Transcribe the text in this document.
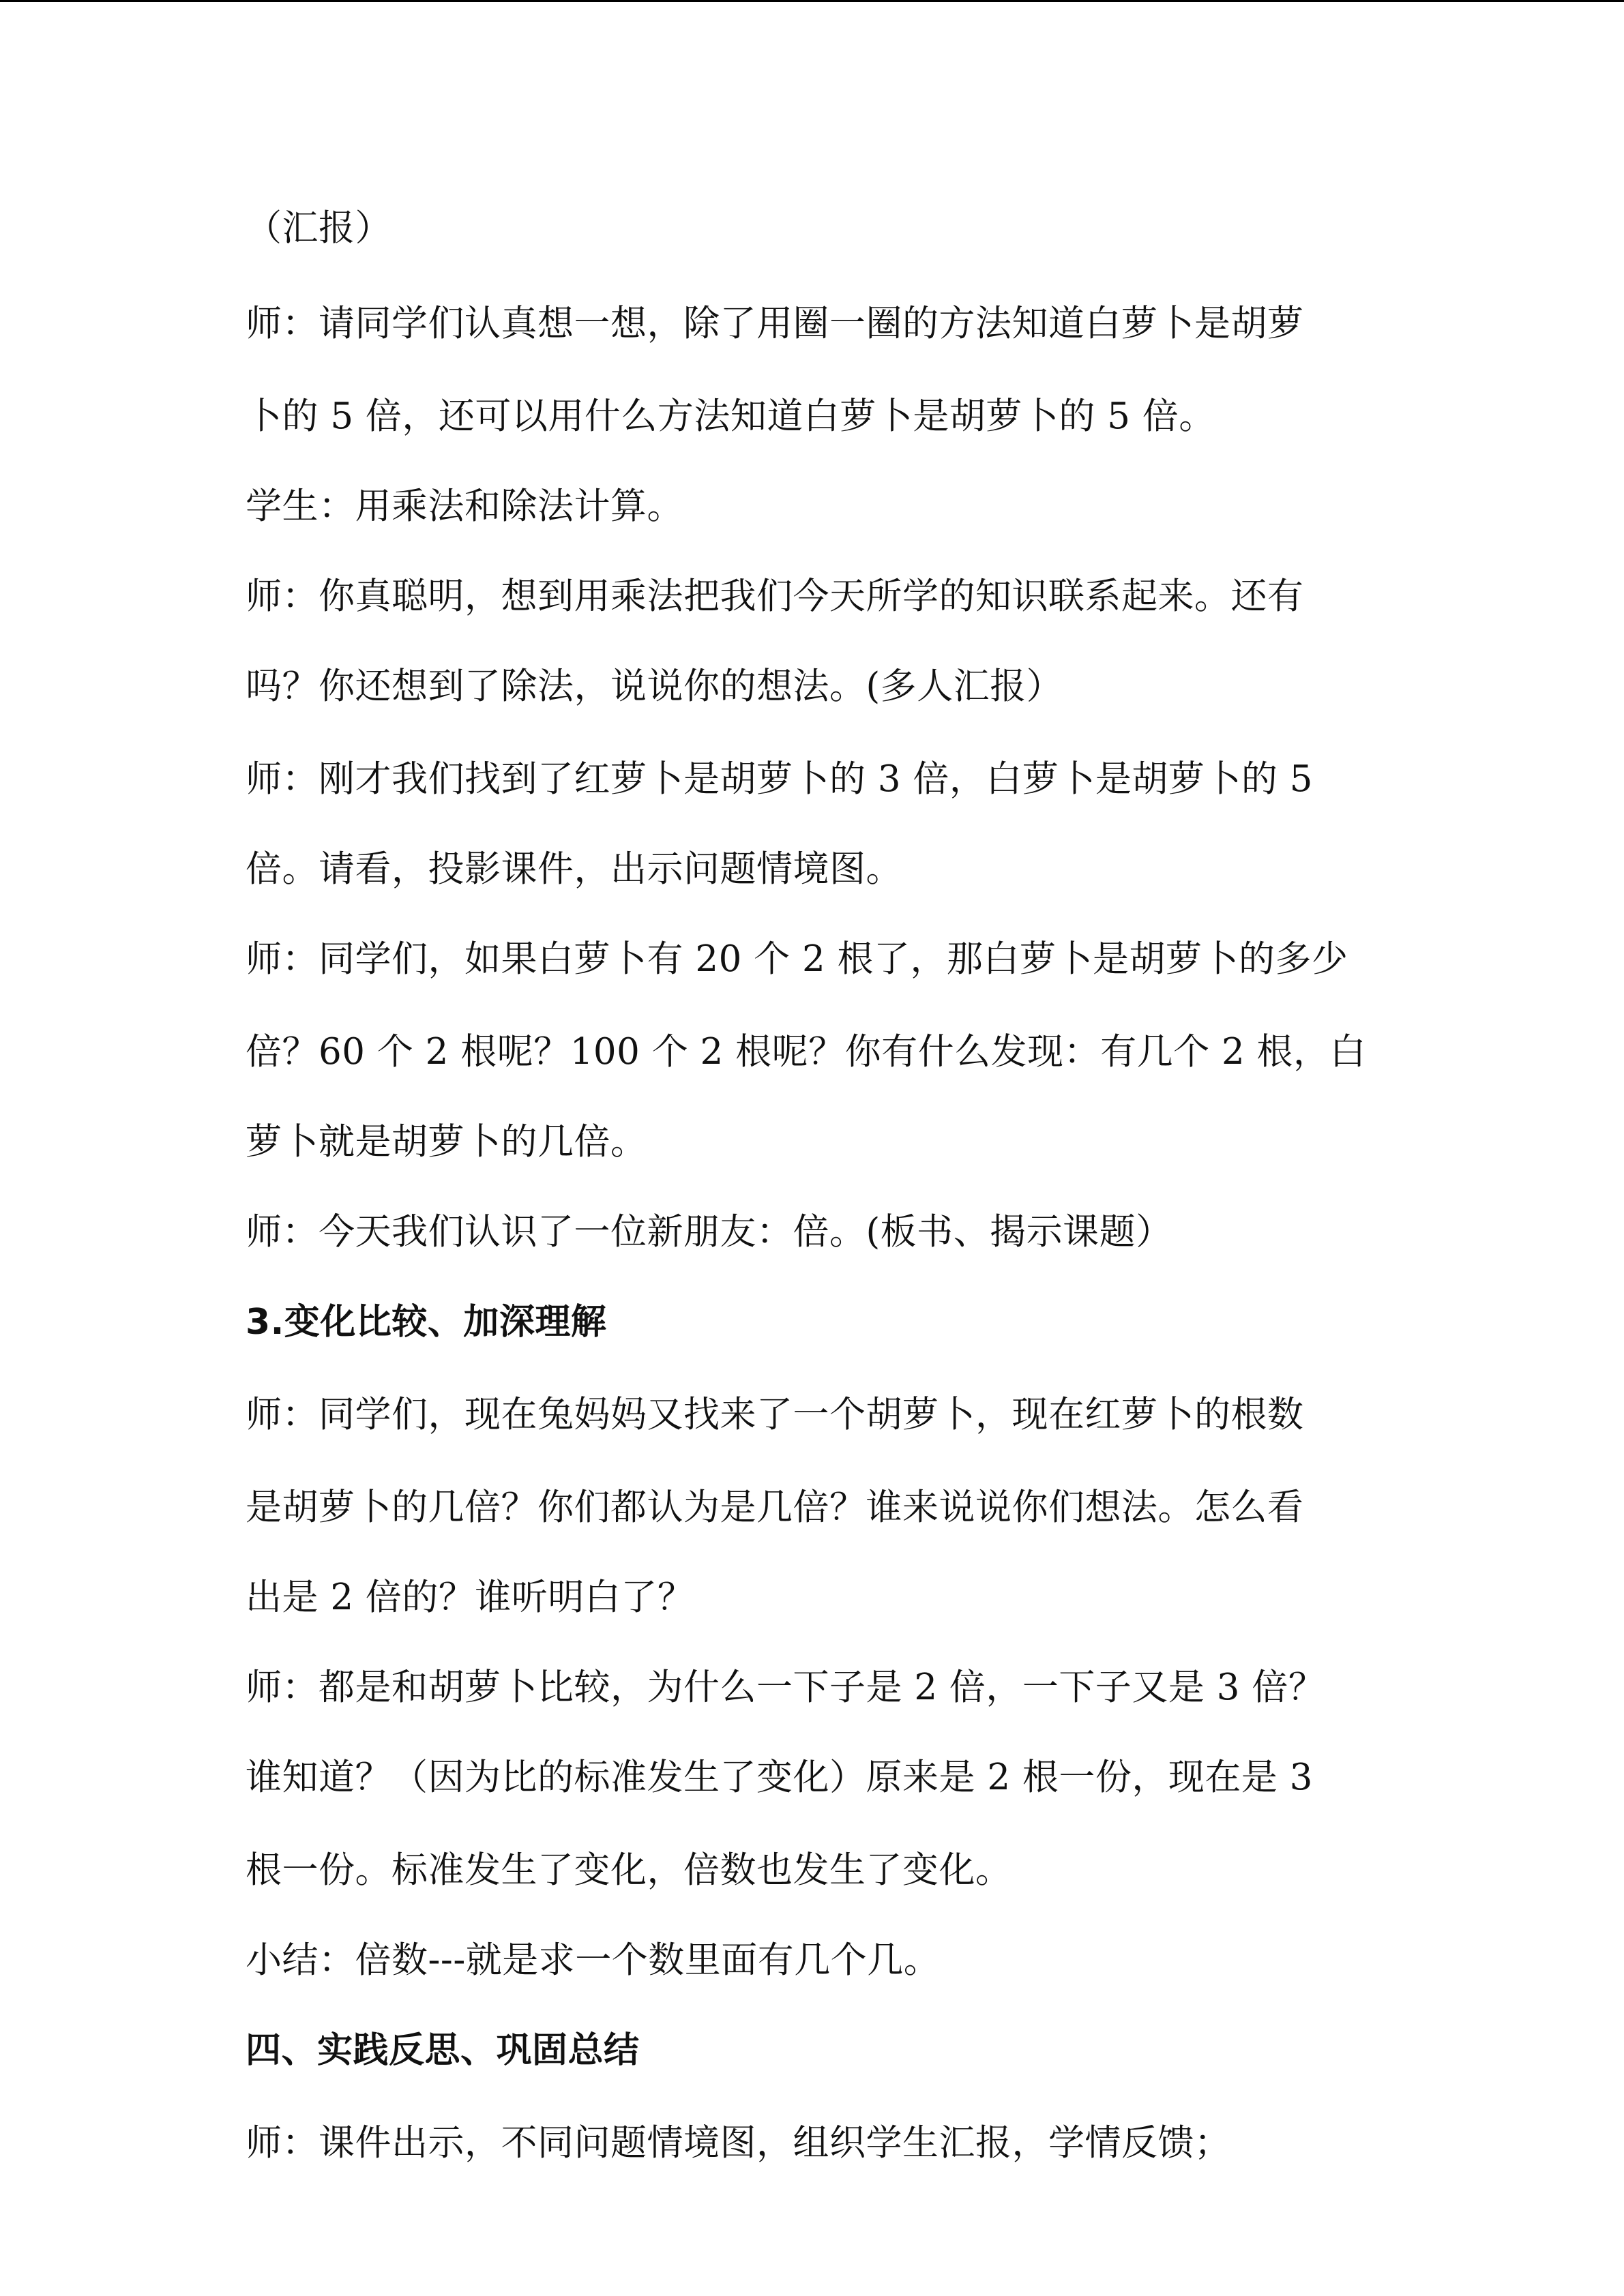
（汇报）
师：请同学们认真想一想，除了用圈一圈的方法知道白萝卜是胡萝
卜的 5 倍，还可以用什么方法知道白萝卜是胡萝卜的 5 倍。
学生：用乘法和除法计算。
师：你真聪明，想到用乘法把我们今天所学的知识联系起来。还有
吗？你还想到了除法，说说你的想法。(多人汇报）
师：刚才我们找到了红萝卜是胡萝卜的 3 倍，白萝卜是胡萝卜的 5
倍。请看，投影课件，出示问题情境图。
师：同学们，如果白萝卜有 20 个 2 根了，那白萝卜是胡萝卜的多少
倍？60 个 2 根呢？100 个 2 根呢？你有什么发现：有几个 2 根，白
萝卜就是胡萝卜的几倍。
师：今天我们认识了一位新朋友：倍。(板书、揭示课题）
3.变化比较、加深理解
师：同学们，现在兔妈妈又找来了一个胡萝卜，现在红萝卜的根数
是胡萝卜的几倍？你们都认为是几倍？谁来说说你们想法。怎么看
出是 2 倍的？谁听明白了？
师：都是和胡萝卜比较，为什么一下子是 2 倍，一下子又是 3 倍？
谁知道？（因为比的标准发生了变化）原来是 2 根一份，现在是 3
根一份。标准发生了变化，倍数也发生了变化。
小结：倍数---就是求一个数里面有几个几。
四、实践反思、巩固总结
师：课件出示，不同问题情境图，组织学生汇报，学情反馈；
